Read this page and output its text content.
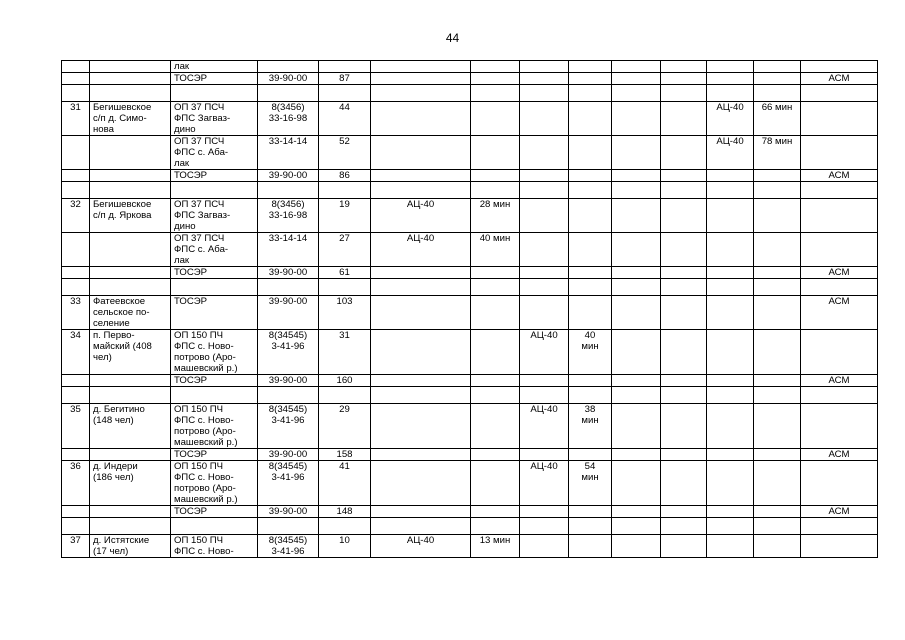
44
		лак											
		ТОСЭР	39-90-00	87									АСМ

31	Бегишевское
с/п д. Симо-
нова	ОП 37 ПСЧ
ФПС Загваз-
дино	8(3456)
33-16-98	44							АЦ-40	66 мин	
		ОП 37 ПСЧ
ФПС с. Аба-
лак	33-14-14	52							АЦ-40	78 мин	
		ТОСЭР	39-90-00	86									АСМ

32	Бегишевское
с/п д. Яркова	ОП 37 ПСЧ
ФПС Загваз-
дино	8(3456)
33-16-98	19	АЦ-40	28 мин							
		ОП 37 ПСЧ
ФПС с. Аба-
лак	33-14-14	27	АЦ-40	40 мин							
		ТОСЭР	39-90-00	61									АСМ

33	Фатеевское
сельское по-
селение	ТОСЭР	39-90-00	103									АСМ
34	п. Перво-
майский (408
чел)	ОП 150 ПЧ
ФПС с. Ново-
потрово (Аро-
машевский р.)	8(34545)
3-41-96	31			АЦ-40	40
мин					
		ТОСЭР	39-90-00	160									АСМ

35	д. Бегитино
(148 чел)	ОП 150 ПЧ
ФПС с. Ново-
потрово (Аро-
машевский р.)	8(34545)
3-41-96	29			АЦ-40	38
мин					
		ТОСЭР	39-90-00	158									АСМ
36	д. Индери
(186 чел)	ОП 150 ПЧ
ФПС с. Ново-
потрово (Аро-
машевский р.)	8(34545)
3-41-96	41			АЦ-40	54
мин					
		ТОСЭР	39-90-00	148									АСМ

37	д. Истятские
(17 чел)	ОП 150 ПЧ
ФПС с. Ново-	8(34545)
3-41-96	10	АЦ-40	13 мин							
